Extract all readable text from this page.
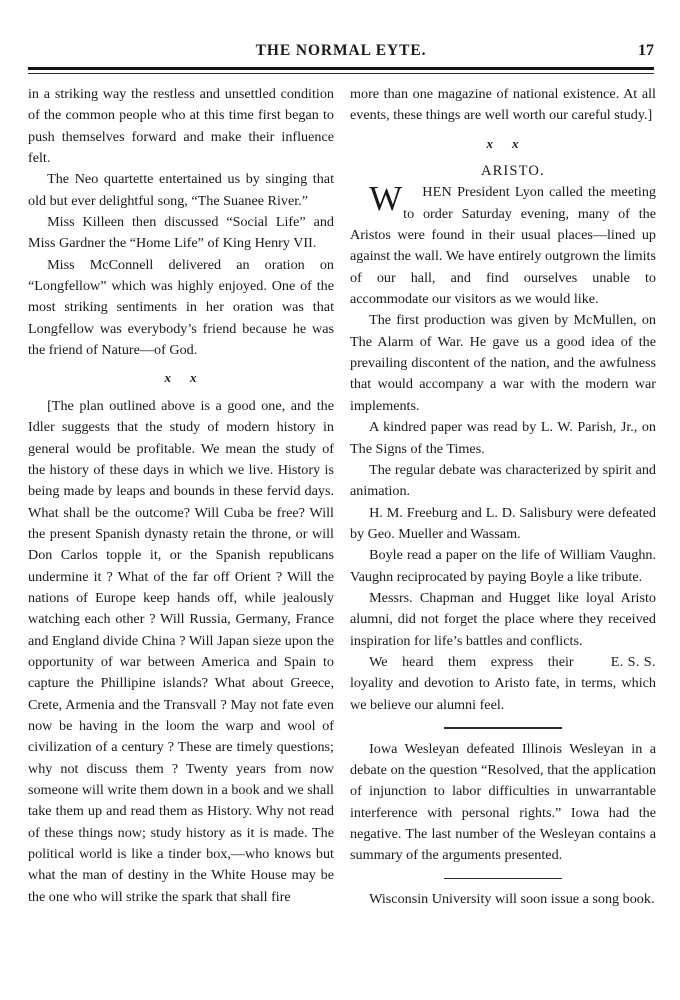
THE NORMAL EYTE.	17

in a striking way the restless and unsettled condition of the common people who at this time first began to push themselves forward and make their influence felt.

The Neo quartette entertained us by singing that old but ever delightful song, “The Suanee River.”

Miss Killeen then discussed “Social Life” and Miss Gardner the “Home Life” of King Henry VII.

Miss McConnell delivered an oration on “Longfellow” which was highly enjoyed. One of the most striking sentiments in her oration was that Longfellow was everybody’s friend because he was the friend of Nature—of God.

x x

[The plan outlined above is a good one, and the Idler suggests that the study of modern history in general would be profitable. We mean the study of the history of these days in which we live. History is being made by leaps and bounds in these fervid days. What shall be the outcome? Will Cuba be free? Will the present Spanish dynasty retain the throne, or will Don Carlos topple it, or the Spanish republicans undermine it ? What of the far off Orient ? Will the nations of Europe keep hands off, while jealously watching each other ? Will Russia, Germany, France and England divide China ? Will Japan sieze upon the opportunity of war between America and Spain to capture the Phillipine islands? What about Greece, Crete, Armenia and the Transvall ? May not fate even now be having in the loom the warp and wool of civilization of a century ? These are timely questions; why not discuss them ? Twenty years from now someone will write them down in a book and we shall take them up and read them as History. Why not read of these things now; study history as it is made. The political world is like a tinder box,—who knows but what the man of destiny in the White House may be the one who will strike the spark that shall fire

more than one magazine of national existence. At all events, these things are well worth our careful study.]

x x

ARISTO.

W HEN President Lyon called the meeting to order Saturday evening, many of the Aristos were found in their usual places—lined up against the wall. We have entirely outgrown the limits of our hall, and find ourselves unable to accommodate our visitors as we would like.

The first production was given by McMullen, on The Alarm of War. He gave us a good idea of the prevailing discontent of the nation, and the awfulness that would accompany a war with the modern war implements.

A kindred paper was read by L. W. Parish, Jr., on The Signs of the Times.

The regular debate was characterized by spirit and animation.

H. M. Freeburg and L. D. Salisbury were defeated by Geo. Mueller and Wassam.

Boyle read a paper on the life of William Vaughn. Vaughn reciprocated by paying Boyle a like tribute.

Messrs. Chapman and Hugget like loyal Aristo alumni, did not forget the place where they received inspiration for life’s battles and conflicts.

E. S. S.
We heard them express their loyality and devotion to Aristo fate, in terms, which we believe our alumni feel.

Iowa Wesleyan defeated Illinois Wesleyan in a debate on the question “Resolved, that the application of injunction to labor difficulties in unwarrantable interference with personal rights.” Iowa had the negative. The last number of the Wesleyan contains a summary of the arguments presented.

Wisconsin University will soon issue a song book.
